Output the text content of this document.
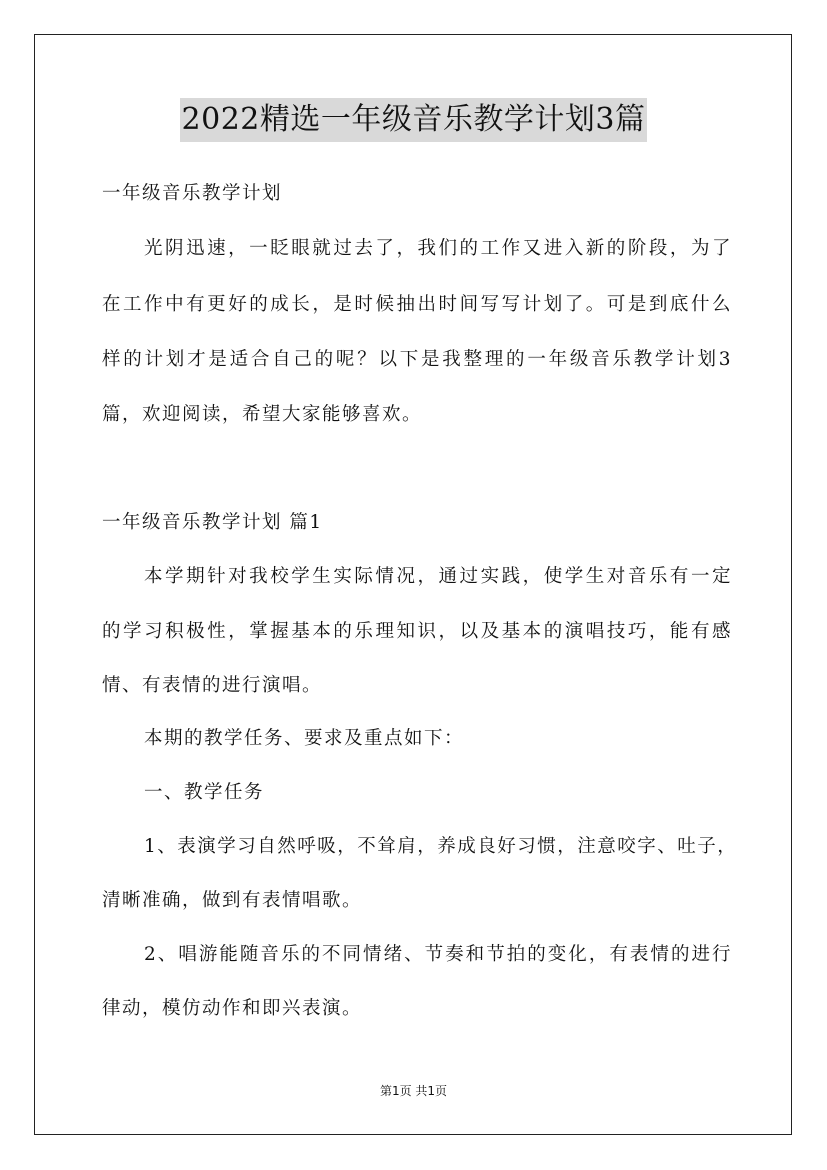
2022精选一年级音乐教学计划3篇
一年级音乐教学计划
光阴迅速，一眨眼就过去了，我们的工作又进入新的阶段，为了
在工作中有更好的成长，是时候抽出时间写写计划了。可是到底什么
样的计划才是适合自己的呢？以下是我整理的一年级音乐教学计划3
篇，欢迎阅读，希望大家能够喜欢。
一年级音乐教学计划 篇1
本学期针对我校学生实际情况，通过实践，使学生对音乐有一定
的学习积极性，掌握基本的乐理知识，以及基本的演唱技巧，能有感
情、有表情的进行演唱。
本期的教学任务、要求及重点如下：
一、教学任务
1、表演学习自然呼吸，不耸肩，养成良好习惯，注意咬字、吐子，
清晰准确，做到有表情唱歌。
2、唱游能随音乐的不同情绪、节奏和节拍的变化，有表情的进行
律动，模仿动作和即兴表演。
第1页 共1页
